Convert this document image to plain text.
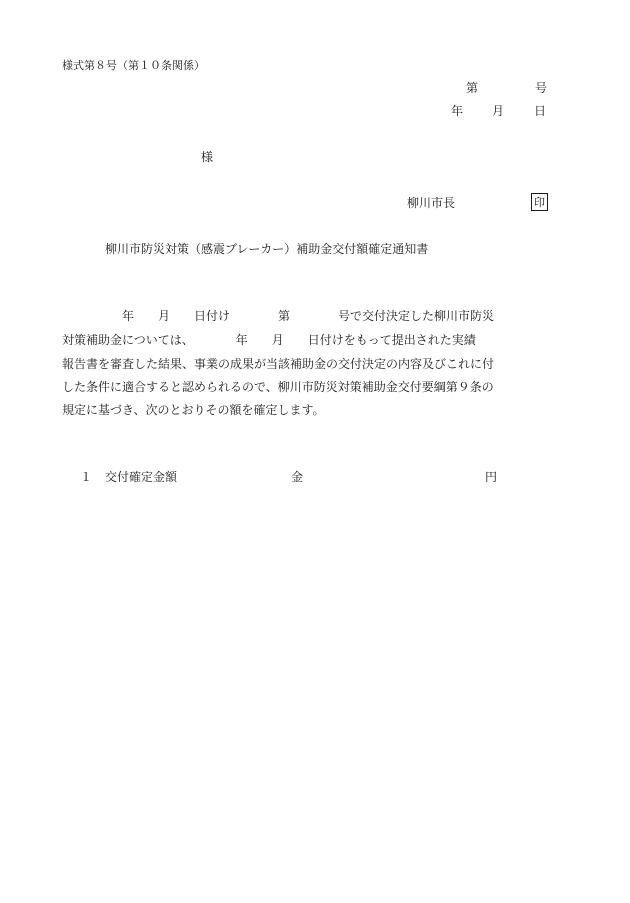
様式第８号（第１０条関係）
第	号
年 月 日
様
柳川市長	印
柳川市防災対策（感震ブレーカー）補助金交付額確定通知書
　　　　　年　　月　　日付け　　　　第　　　　号で交付決定した柳川市防災
対策補助金については、　　　　年　　月　　日付けをもって提出された実績
報告書を審査した結果、事業の成果が当該補助金の交付決定の内容及びこれに付
した条件に適合すると認められるので、柳川市防災対策補助金交付要綱第９条の
規定に基づき、次のとおりその額を確定します。
１ 交付確定金額	金	円
